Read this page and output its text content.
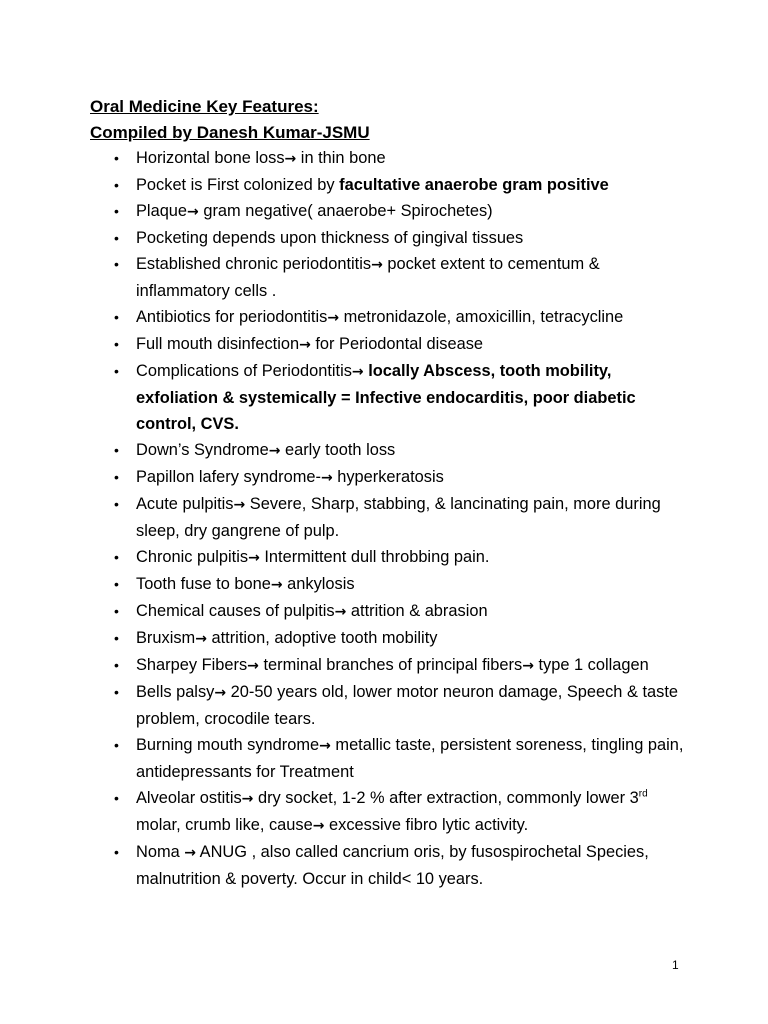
Oral Medicine Key Features:
Compiled by Danesh Kumar-JSMU
• Horizontal bone loss→ in thin bone
• Pocket is First colonized by facultative anaerobe gram positive
• Plaque→ gram negative( anaerobe+ Spirochetes)
• Pocketing depends upon thickness of gingival tissues
• Established chronic periodontitis→ pocket extent to cementum & inflammatory cells .
• Antibiotics for periodontitis→ metronidazole, amoxicillin, tetracycline
• Full mouth disinfection→ for Periodontal disease
• Complications of Periodontitis→ locally Abscess, tooth mobility, exfoliation & systemically = Infective endocarditis, poor diabetic control, CVS.
• Down’s Syndrome→ early tooth loss
• Papillon lafery syndrome-→ hyperkeratosis
• Acute pulpitis→ Severe, Sharp, stabbing, & lancinating pain, more during sleep, dry gangrene of pulp.
• Chronic pulpitis→ Intermittent dull throbbing pain.
• Tooth fuse to bone→ ankylosis
• Chemical causes of pulpitis→ attrition & abrasion
• Bruxism→ attrition, adoptive tooth mobility
• Sharpey Fibers→ terminal branches of principal fibers→ type 1 collagen
• Bells palsy→ 20-50 years old, lower motor neuron damage, Speech & taste problem, crocodile tears.
• Burning mouth syndrome→ metallic taste, persistent soreness, tingling pain, antidepressants for Treatment
• Alveolar ostitis→ dry socket, 1-2 % after extraction, commonly lower 3rd molar, crumb like, cause→ excessive fibro lytic activity.
• Noma → ANUG , also called cancrium oris, by fusospirochetal Species, malnutrition & poverty. Occur in child< 10 years.
1
